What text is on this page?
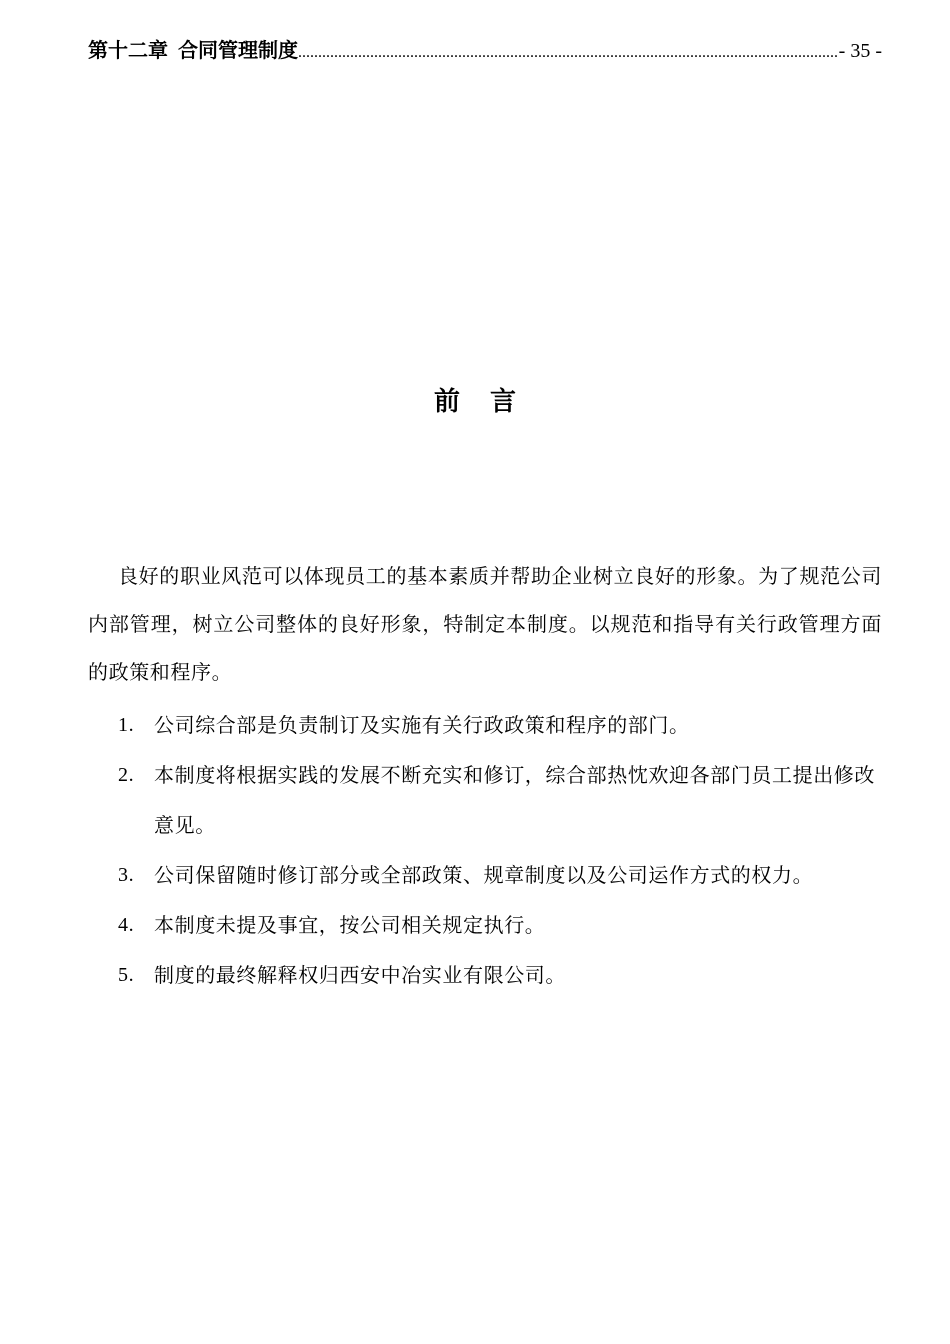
第十二章 合同管理制度
.....	- 35 -
前言

良好的职业风范可以体现员工的基本素质并帮助企业树立良好的形象。为了规范公司内部管理，树立公司整体的良好形象，特制定本制度。以规范和指导有关行政管理方面的政策和程序。

1. 公司综合部是负责制订及实施有关行政政策和程序的部门。
2. 本制度将根据实践的发展不断充实和修订，综合部热忱欢迎各部门员工提出修改意见。
3. 公司保留随时修订部分或全部政策、规章制度以及公司运作方式的权力。
4. 本制度未提及事宜，按公司相关规定执行。
5. 制度的最终解释权归西安中冶实业有限公司。
